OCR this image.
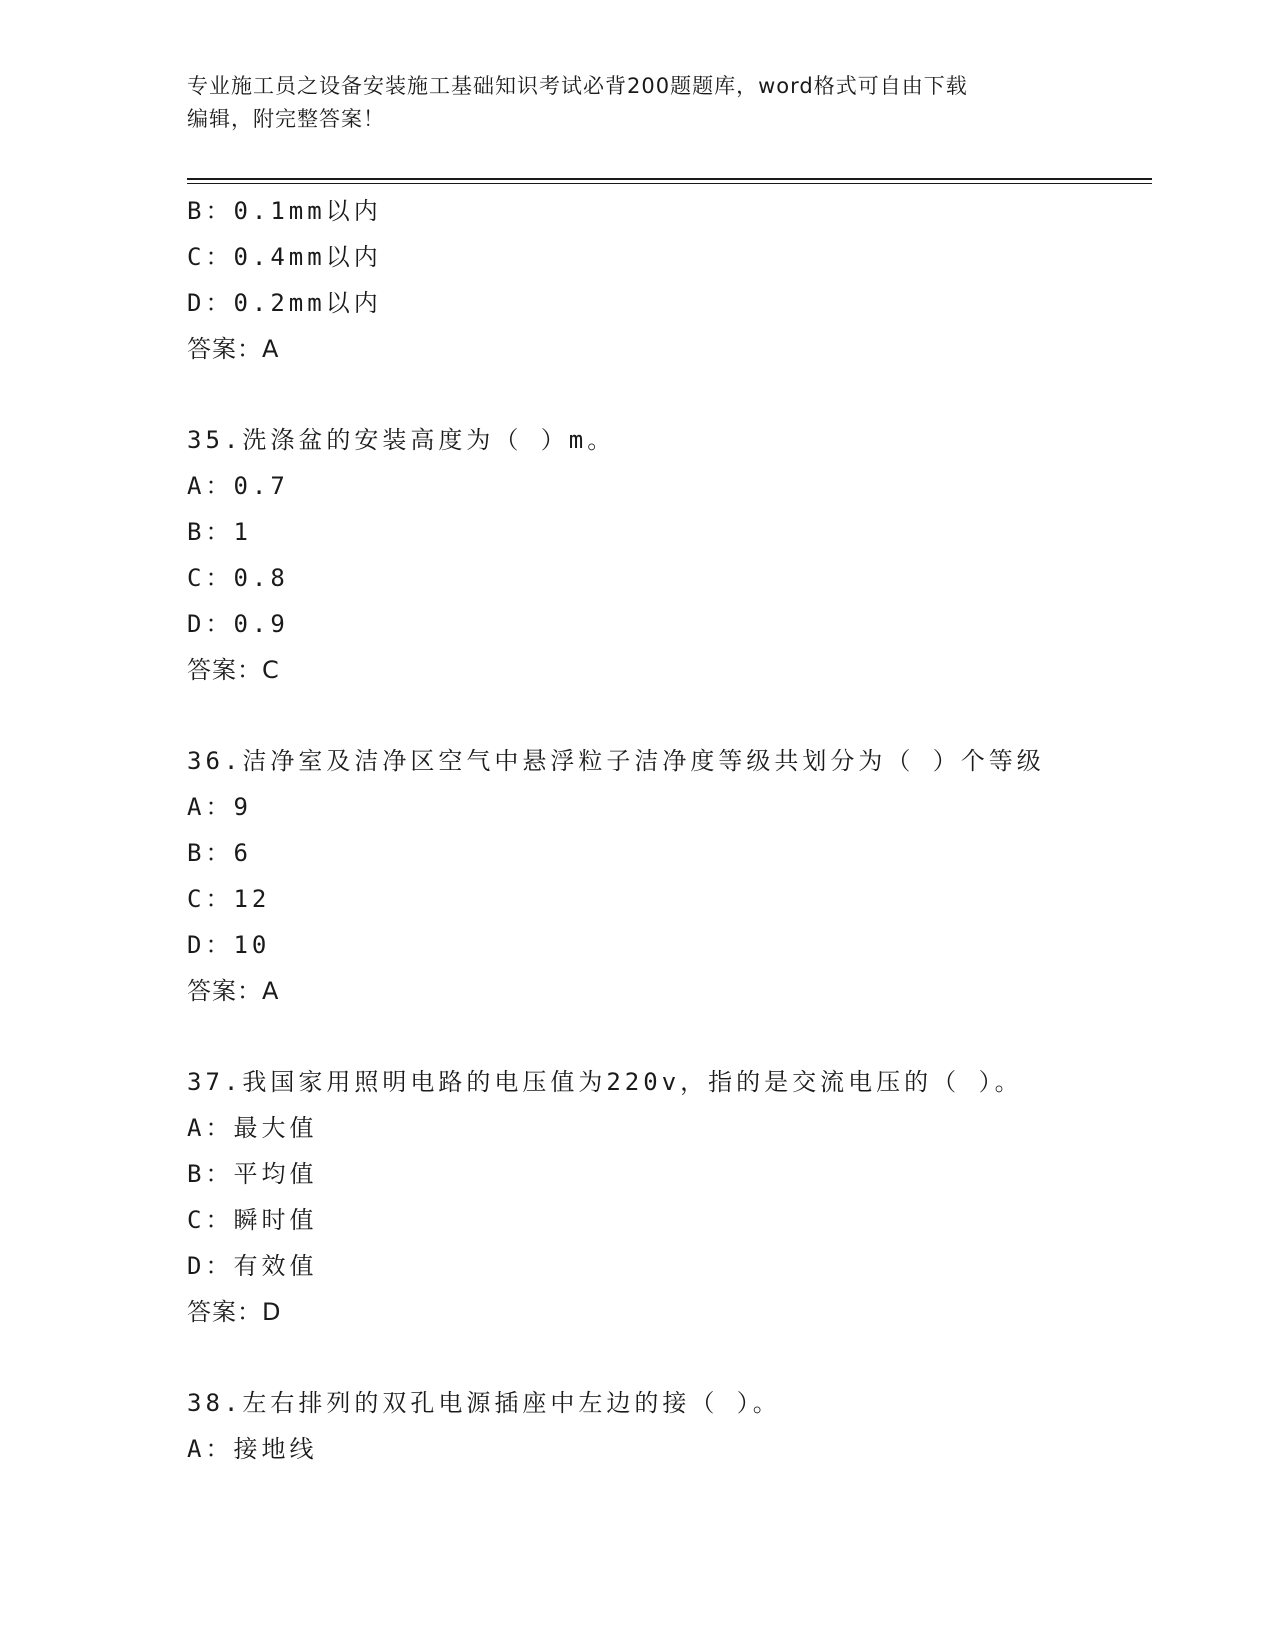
专业施工员之设备安装施工基础知识考试必背200题题库，word格式可自由下载
编辑，附完整答案！
B：0.1mm以内
C：0.4mm以内
D：0.2mm以内
答案：A
35.洗涤盆的安装高度为（ ）m。
A：0.7
B：1
C：0.8
D：0.9
答案：C
36.洁净室及洁净区空气中悬浮粒子洁净度等级共划分为（ ）个等级
A：9
B：6
C：12
D：10
答案：A
37.我国家用照明电路的电压值为220v，指的是交流电压的（ ）。
A：最大值
B：平均值
C：瞬时值
D：有效值
答案：D
38.左右排列的双孔电源插座中左边的接（ ）。
A：接地线
